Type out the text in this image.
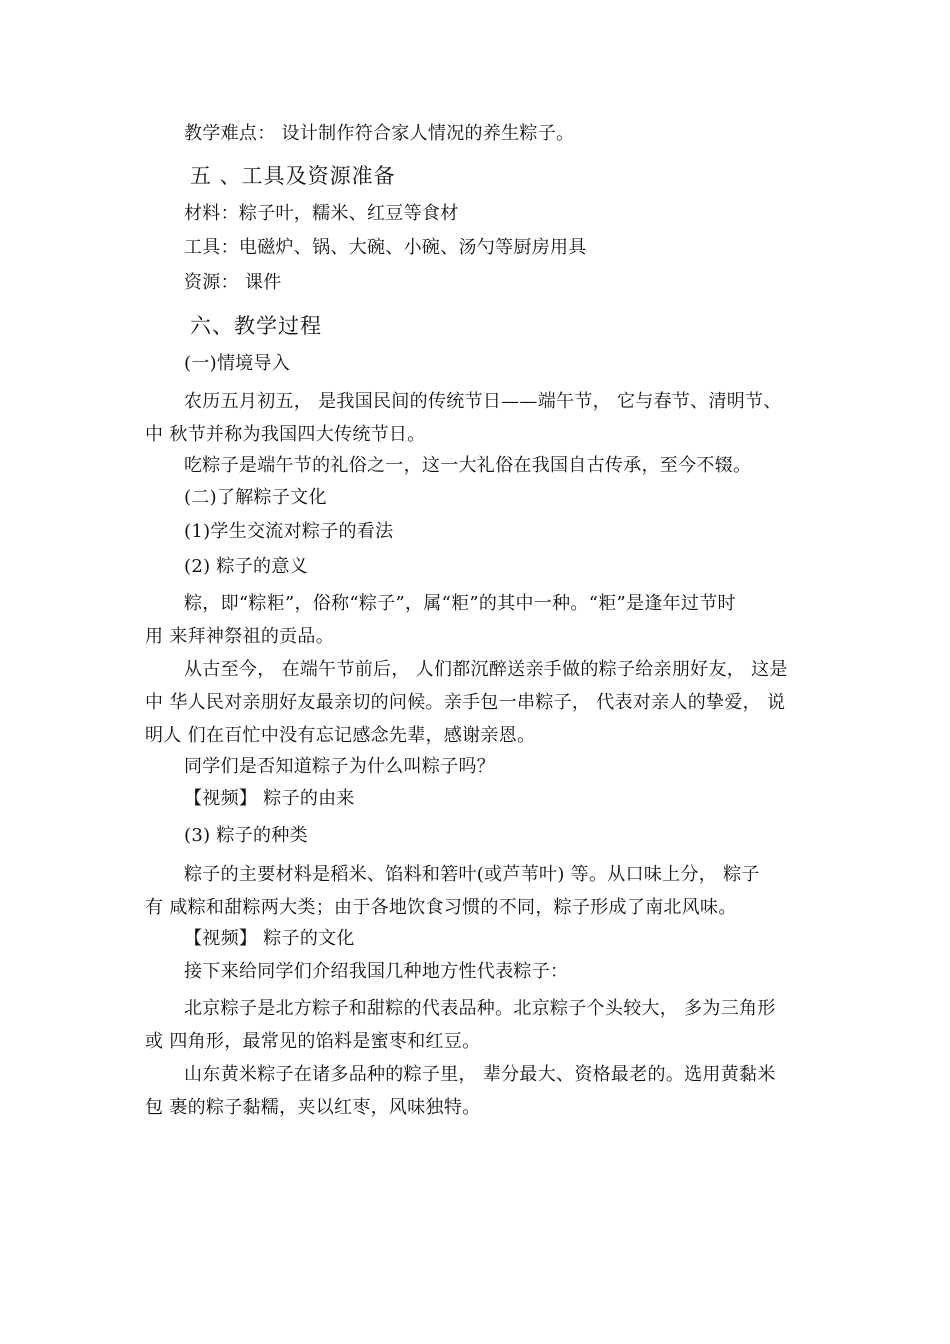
教学难点： 设计制作符合家人情况的养生粽子。
五 、工具及资源准备
材料：粽子叶，糯米、红豆等食材
工具：电磁炉、锅、大碗、小碗、汤勺等厨房用具
资源： 课件
六、教学过程
(一)情境导入
农历五月初五， 是我国民间的传统节日——端午节， 它与春节、清明节、
中 秋节并称为我国四大传统节日。
吃粽子是端午节的礼俗之一，这一大礼俗在我国自古传承，至今不辍。
(二)了解粽子文化
(1)学生交流对粽子的看法
(2) 粽子的意义
粽，即“粽粔”，俗称“粽子”，属“粔”的其中一种。“粔”是逢年过节时
用 来拜神祭祖的贡品。
从古至今， 在端午节前后， 人们都沉醉送亲手做的粽子给亲朋好友， 这是
中 华人民对亲朋好友最亲切的问候。亲手包一串粽子， 代表对亲人的挚爱， 说
明人 们在百忙中没有忘记感念先辈，感谢亲恩。
同学们是否知道粽子为什么叫粽子吗？
【视频】 粽子的由来
(3) 粽子的种类
粽子的主要材料是稻米、馅料和箬叶(或芦苇叶) 等。从口味上分， 粽子
有 咸粽和甜粽两大类；由于各地饮食习惯的不同，粽子形成了南北风味。
【视频】 粽子的文化
接下来给同学们介绍我国几种地方性代表粽子：
北京粽子是北方粽子和甜粽的代表品种。北京粽子个头较大， 多为三角形
或 四角形，最常见的馅料是蜜枣和红豆。
山东黄米粽子在诸多品种的粽子里， 辈分最大、资格最老的。选用黄黏米
包 裹的粽子黏糯，夹以红枣，风味独特。
